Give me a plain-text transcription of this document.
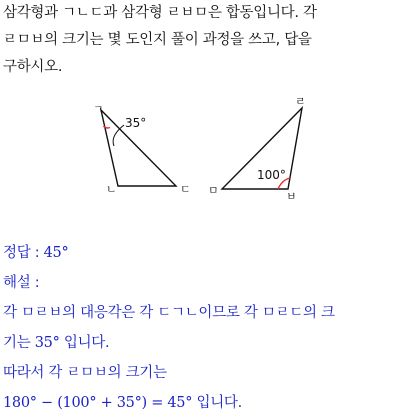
삼각형과 ㄱㄴㄷ과 삼각형 ㄹㅂㅁ은 합동입니다. 각
ㄹㅁㅂ의 크기는 몇 도인지 풀이 과정을 쓰고, 답을
구하시오.
35°
ㄱ
ㄴ	ㄷ
100°
ㄹ
ㅁ	ㅂ
정답 : 45°
해설 :
각 ㅁㄹㅂ의 대응각은 각 ㄷㄱㄴ이므로 각 ㅁㄹㄷ의 크
기는 35° 입니다.
따라서 각 ㄹㅁㅂ의 크기는
180° − (100° + 35°) = 45° 입니다.
